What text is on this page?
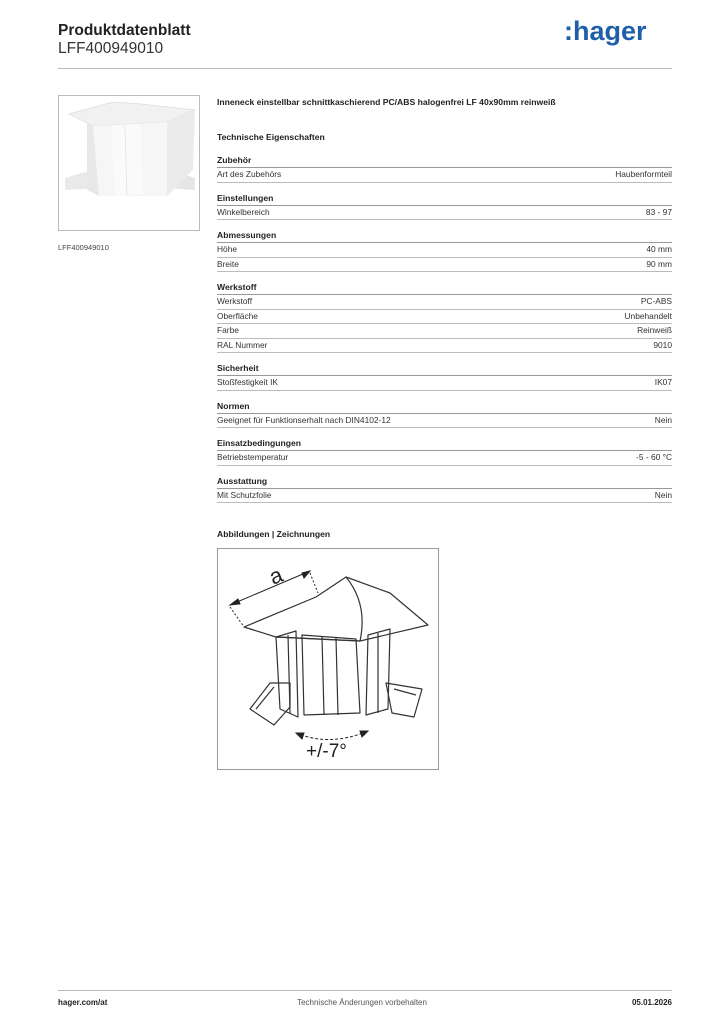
Produktdatenblatt
LFF400949010
:hager
LFF400949010
Inneneck einstellbar schnittkaschierend PC/ABS halogenfrei LF 40x90mm reinweiß
Technische Eigenschaften
Zubehör
Art des Zubehörs	Haubenformteil
Einstellungen
Winkelbereich	83 - 97
Abmessungen
Höhe	40 mm
Breite	90 mm
Werkstoff
Werkstoff	PC-ABS
Oberfläche	Unbehandelt
Farbe	Reinweiß
RAL Nummer	9010
Sicherheit
Stoßfestigkeit IK	IK07
Normen
Geeignet für Funktionserhalt nach DIN4102-12	Nein
Einsatzbedingungen
Betriebstemperatur	-5 - 60 °C
Ausstattung
Mit Schutzfolie	Nein
Abbildungen | Zeichnungen
a
+/-7°
hager.com/at	Technische Änderungen vorbehalten	05.01.2026
